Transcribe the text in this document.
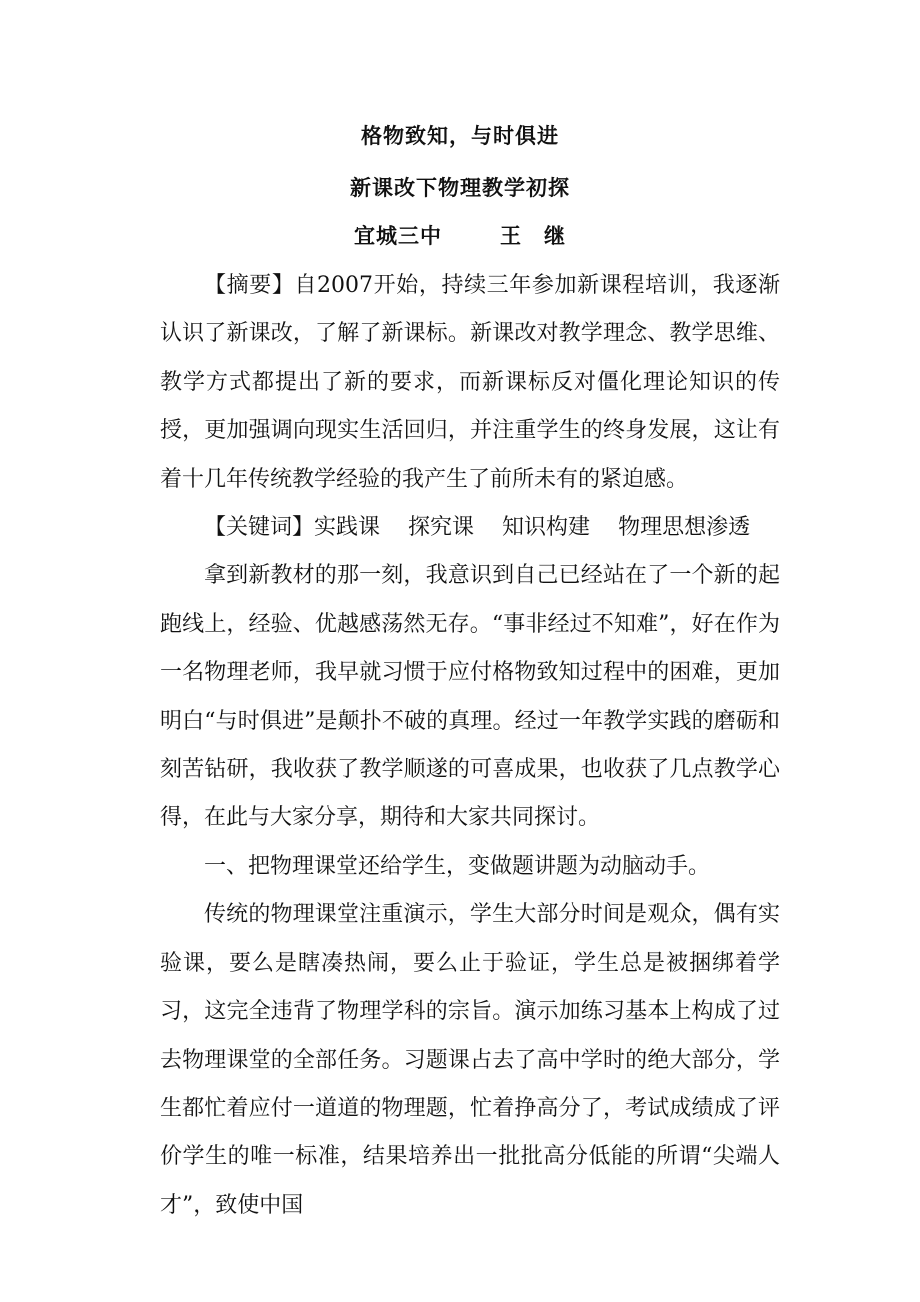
格物致知，与时俱进
新课改下物理教学初探
宜城三中	王 继

【摘要】自2007开始，持续三年参加新课程培训，我逐渐认识了新课改，了解了新课标。新课改对教学理念、教学思维、教学方式都提出了新的要求，而新课标反对僵化理论知识的传授，更加强调向现实生活回归，并注重学生的终身发展，这让有着十几年传统教学经验的我产生了前所未有的紧迫感。

【关键词】实践课 探究课 知识构建 物理思想渗透

拿到新教材的那一刻，我意识到自己已经站在了一个新的起跑线上，经验、优越感荡然无存。“事非经过不知难”，好在作为一名物理老师，我早就习惯于应付格物致知过程中的困难，更加明白“与时俱进”是颠扑不破的真理。经过一年教学实践的磨砺和刻苦钻研，我收获了教学顺遂的可喜成果，也收获了几点教学心得，在此与大家分享，期待和大家共同探讨。

一、把物理课堂还给学生，变做题讲题为动脑动手。

传统的物理课堂注重演示，学生大部分时间是观众，偶有实验课，要么是瞎凑热闹，要么止于验证，学生总是被捆绑着学习，这完全违背了物理学科的宗旨。演示加练习基本上构成了过去物理课堂的全部任务。习题课占去了高中学时的绝大部分，学生都忙着应付一道道的物理题，忙着挣高分了，考试成绩成了评价学生的唯一标准，结果培养出一批批高分低能的所谓“尖端人才”，致使中国
